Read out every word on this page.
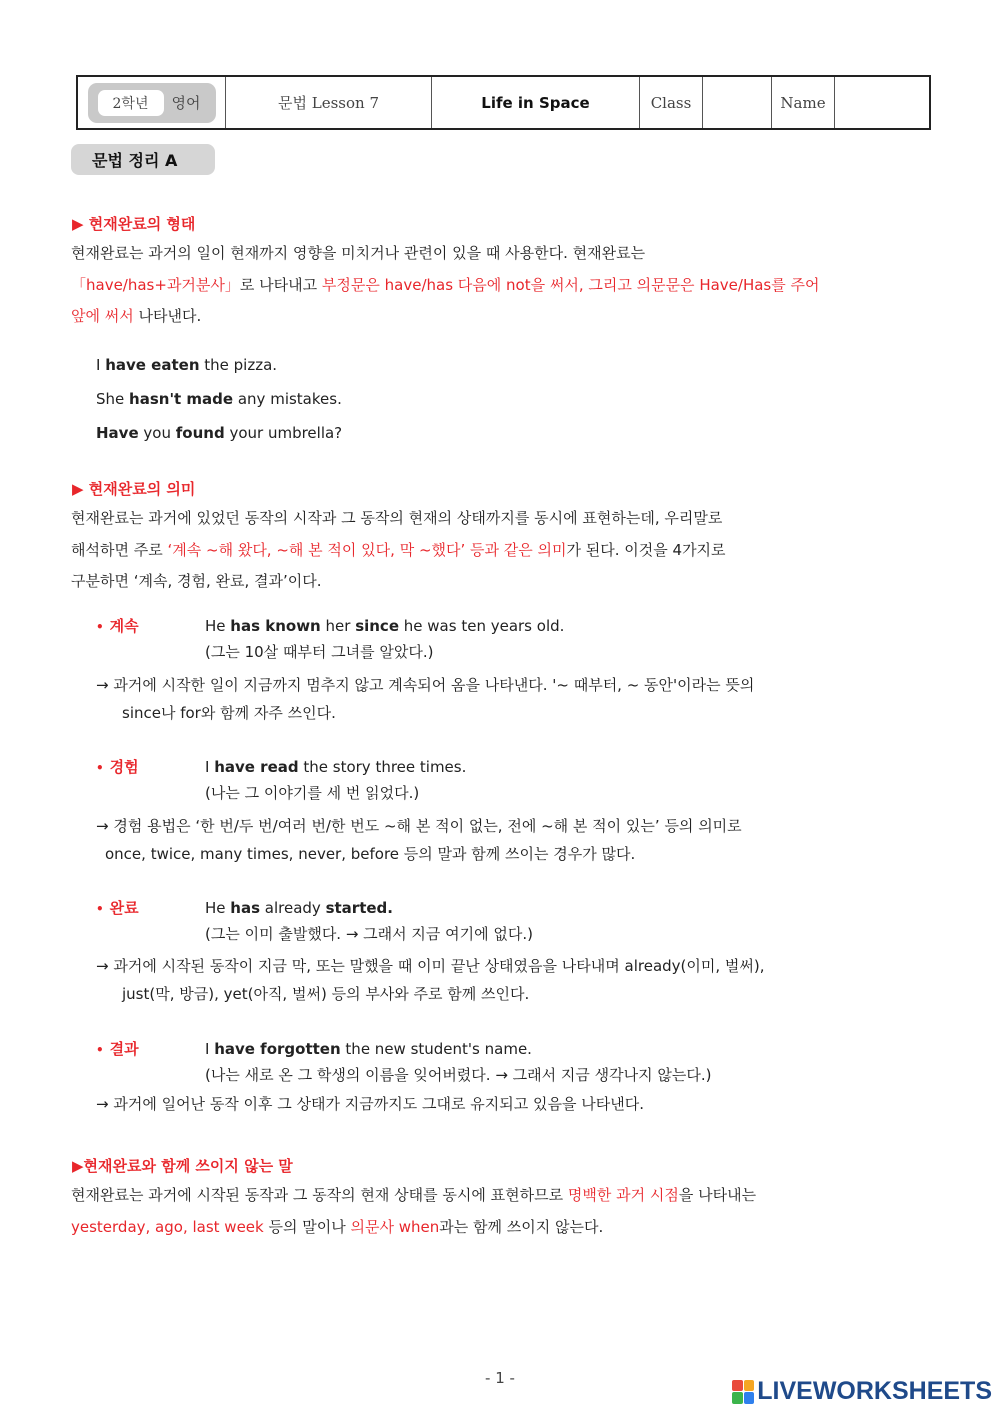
2학년	영어	문법 Lesson 7	Life in Space	Class	Name
문법 정리 A
▶ 현재완료의 형태
현재완료는 과거의 일이 현재까지 영향을 미치거나 관련이 있을 때 사용한다. 현재완료는
「have/has+과거분사」로 나타내고 부정문은 have/has 다음에 not을 써서, 그리고 의문문은 Have/Has를 주어
앞에 써서 나타낸다.
I have eaten the pizza.
She hasn't made any mistakes.
Have you found your umbrella?
▶ 현재완료의 의미
현재완료는 과거에 있었던 동작의 시작과 그 동작의 현재의 상태까지를 동시에 표현하는데, 우리말로
해석하면 주로 ‘계속 ~해 왔다, ~해 본 적이 있다, 막 ~했다’ 등과 같은 의미가 된다. 이것을 4가지로
구분하면 ‘계속, 경험, 완료, 결과’이다.
• 계속	He has known her since he was ten years old.
(그는 10살 때부터 그녀를 알았다.)
→ 과거에 시작한 일이 지금까지 멈추지 않고 계속되어 옴을 나타낸다. '~ 때부터, ~ 동안'이라는 뜻의
since나 for와 함께 자주 쓰인다.
• 경험	I have read the story three times.
(나는 그 이야기를 세 번 읽었다.)
→ 경험 용법은 ‘한 번/두 번/여러 번/한 번도 ~해 본 적이 없는, 전에 ~해 본 적이 있는’ 등의 의미로
once, twice, many times, never, before 등의 말과 함께 쓰이는 경우가 많다.
• 완료	He has already started.
(그는 이미 출발했다. → 그래서 지금 여기에 없다.)
→ 과거에 시작된 동작이 지금 막, 또는 말했을 때 이미 끝난 상태였음을 나타내며 already(이미, 벌써),
just(막, 방금), yet(아직, 벌써) 등의 부사와 주로 함께 쓰인다.
• 결과	I have forgotten the new student's name.
(나는 새로 온 그 학생의 이름을 잊어버렸다. → 그래서 지금 생각나지 않는다.)
→ 과거에 일어난 동작 이후 그 상태가 지금까지도 그대로 유지되고 있음을 나타낸다.
▶현재완료와 함께 쓰이지 않는 말
현재완료는 과거에 시작된 동작과 그 동작의 현재 상태를 동시에 표현하므로 명백한 과거 시점을 나타내는
yesterday, ago, last week 등의 말이나 의문사 when과는 함께 쓰이지 않는다.
- 1 -	LIVEWORKSHEETS
